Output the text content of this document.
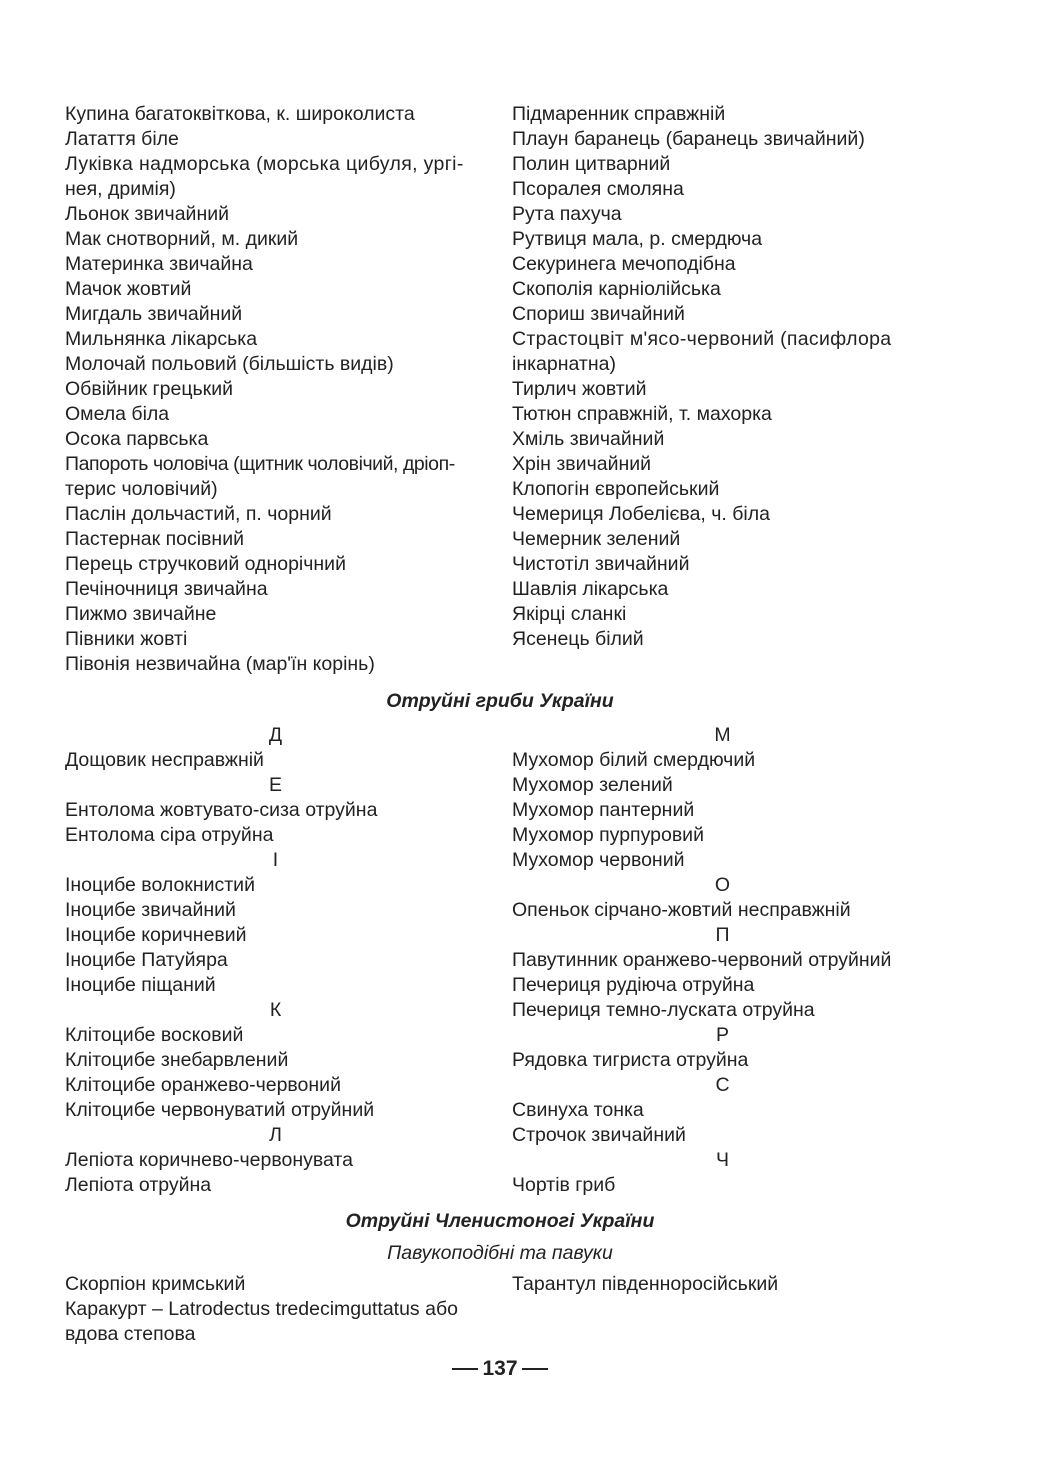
Купина багатоквіткова, к. широколиста
Латаття біле
Луківка надморська (морська цибуля, ургі-
нея, дримія)
Льонок звичайний
Мак снотворний, м. дикий
Материнка звичайна
Мачок жовтий
Мигдаль звичайний
Мильнянка лікарська
Молочай польовий (більшість видів)
Обвійник грецький
Омела біла
Осока парвська
Папороть чоловіча (щитник чоловічий, дріоп-
терис чоловічий)
Паслін дольчастий, п. чорний
Пастернак посівний
Перець стручковий однорічний
Печіночниця звичайна
Пижмо звичайне
Півники жовті
Півонія незвичайна (мар'їн корінь)
Підмаренник справжній
Плаун баранець (баранець звичайний)
Полин цитварний
Псоралея смоляна
Рута пахуча
Рутвиця мала, р. смердюча
Секуринега мечоподібна
Скополія карніолійська
Спориш звичайний
Страстоцвіт м'ясо-червоний (пасифлора
інкарнатна)
Тирлич жовтий
Тютюн справжній, т. махорка
Хміль звичайний
Хрін звичайний
Клопогін європейський
Чемериця Лобелієва, ч. біла
Чемерник зелений
Чистотіл звичайний
Шавлія лікарська
Якірці сланкі
Ясенець білий
Отруйні гриби України
Д
Дощовик несправжній
Е
Ентолома жовтувато-сиза отруйна
Ентолома сіра отруйна
І
Іноцибе волокнистий
Іноцибе звичайний
Іноцибе коричневий
Іноцибе Патуйяра
Іноцибе піщаний
К
Клітоцибе восковий
Клітоцибе знебарвлений
Клітоцибе оранжево-червоний
Клітоцибе червонуватий отруйний
Л
Лепіота коричнево-червонувата
Лепіота отруйна
М
Мухомор білий смердючий
Мухомор зелений
Мухомор пантерний
Мухомор пурпуровий
Мухомор червоний
О
Опеньок сірчано-жовтий несправжній
П
Павутинник оранжево-червоний отруйний
Печериця рудіюча отруйна
Печериця темно-лускатa отруйна
Р
Рядовка тигриста отруйна
С
Свинуха тонка
Строчок звичайний
Ч
Чортів гриб
Отруйні Членистоногі України
Павукоподібні та павуки
Скорпіон кримський
Каракурт – Latrodectus tredecimguttatus або
вдова степова
Тарантул південноросійський
137
